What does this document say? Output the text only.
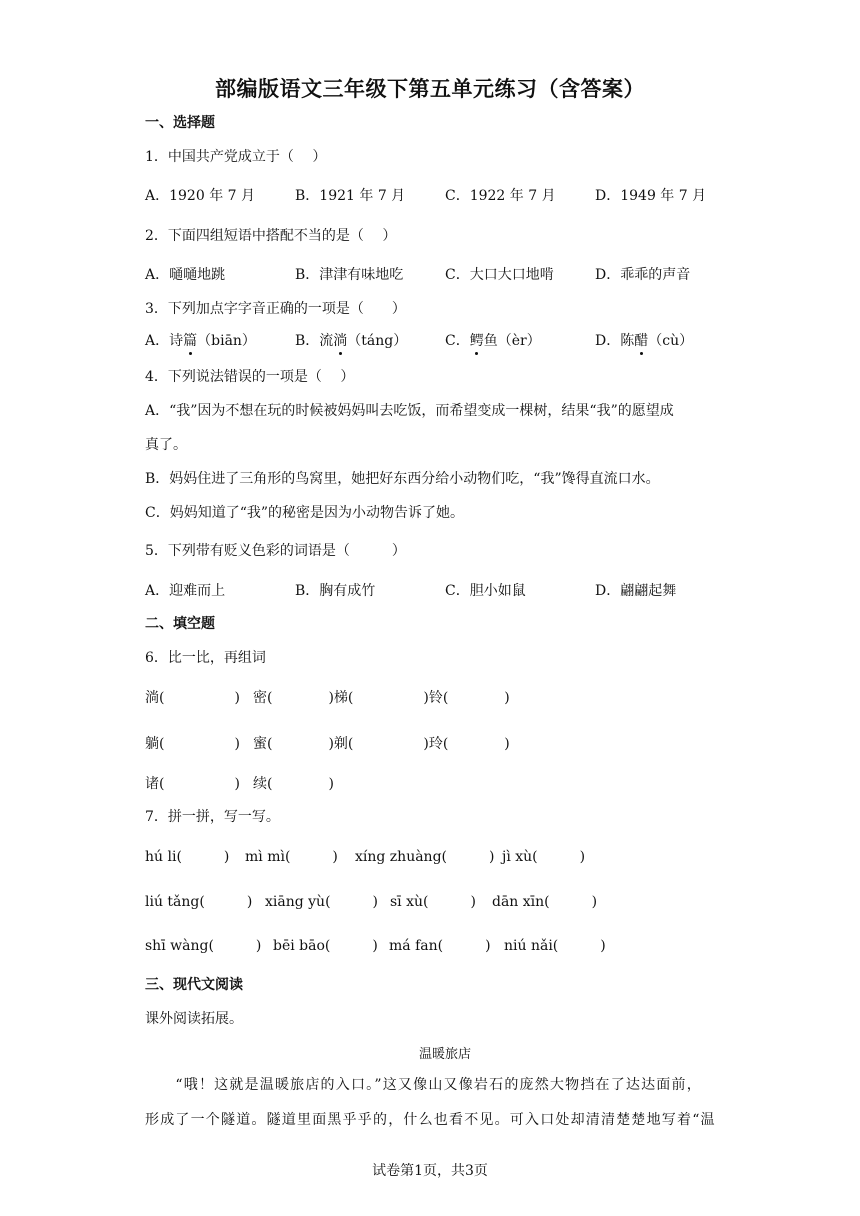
部编版语文三年级下第五单元练习（含答案）
一、选择题
1．中国共产党成立于（　 ）
A．1920 年 7 月	B．1921 年 7 月	C．1922 年 7 月	D．1949 年 7 月
2．下面四组短语中搭配不当的是（　 ）
A．嗵嗵地跳	B．津津有味地吃	C．大口大口地啃	D．乖乖的声音
3．下列加点字字音正确的一项是（　　）
A．诗篇（biān）	B．流淌（táng）	C．鳄鱼（èr）	D．陈醋（cù）
4．下列说法错误的一项是（　 ）
A．“我”因为不想在玩的时候被妈妈叫去吃饭，而希望变成一棵树，结果“我”的愿望成
真了。
B．妈妈住进了三角形的鸟窝里，她把好东西分给小动物们吃，“我”馋得直流口水。
C．妈妈知道了“我”的秘密是因为小动物告诉了她。
5．下列带有贬义色彩的词语是（　　　）
A．迎难而上	B．胸有成竹	C．胆小如鼠	D．翩翩起舞
二、填空题
6．比一比，再组词
淌(　　　　　) 密(　　　　)梯(　　　　　)铃(　　　　)
躺(　　　　　) 蜜(　　　　)剃(　　　　　)玲(　　　　)
诸(　　　　　) 续(　　　　)
7．拼一拼，写一写。
hú li(　　　) mì mì(　　　) xíng zhuàng(　　　) jì xù(　　　)
liú tǎng(　　　) xiāng yù(　　　) sī xù(　　　) dān xīn(　　　)
shī wàng(　　　) bēi bāo(　　　) má fan(　　　) niú nǎi(　　　)
三、现代文阅读
课外阅读拓展。
温暖旅店
　　“哦！这就是温暖旅店的入口。”这又像山又像岩石的庞然大物挡在了达达面前，
形成了一个隧道。隧道里面黑乎乎的，什么也看不见。可入口处却清清楚楚地写着“温
试卷第1页，共3页
